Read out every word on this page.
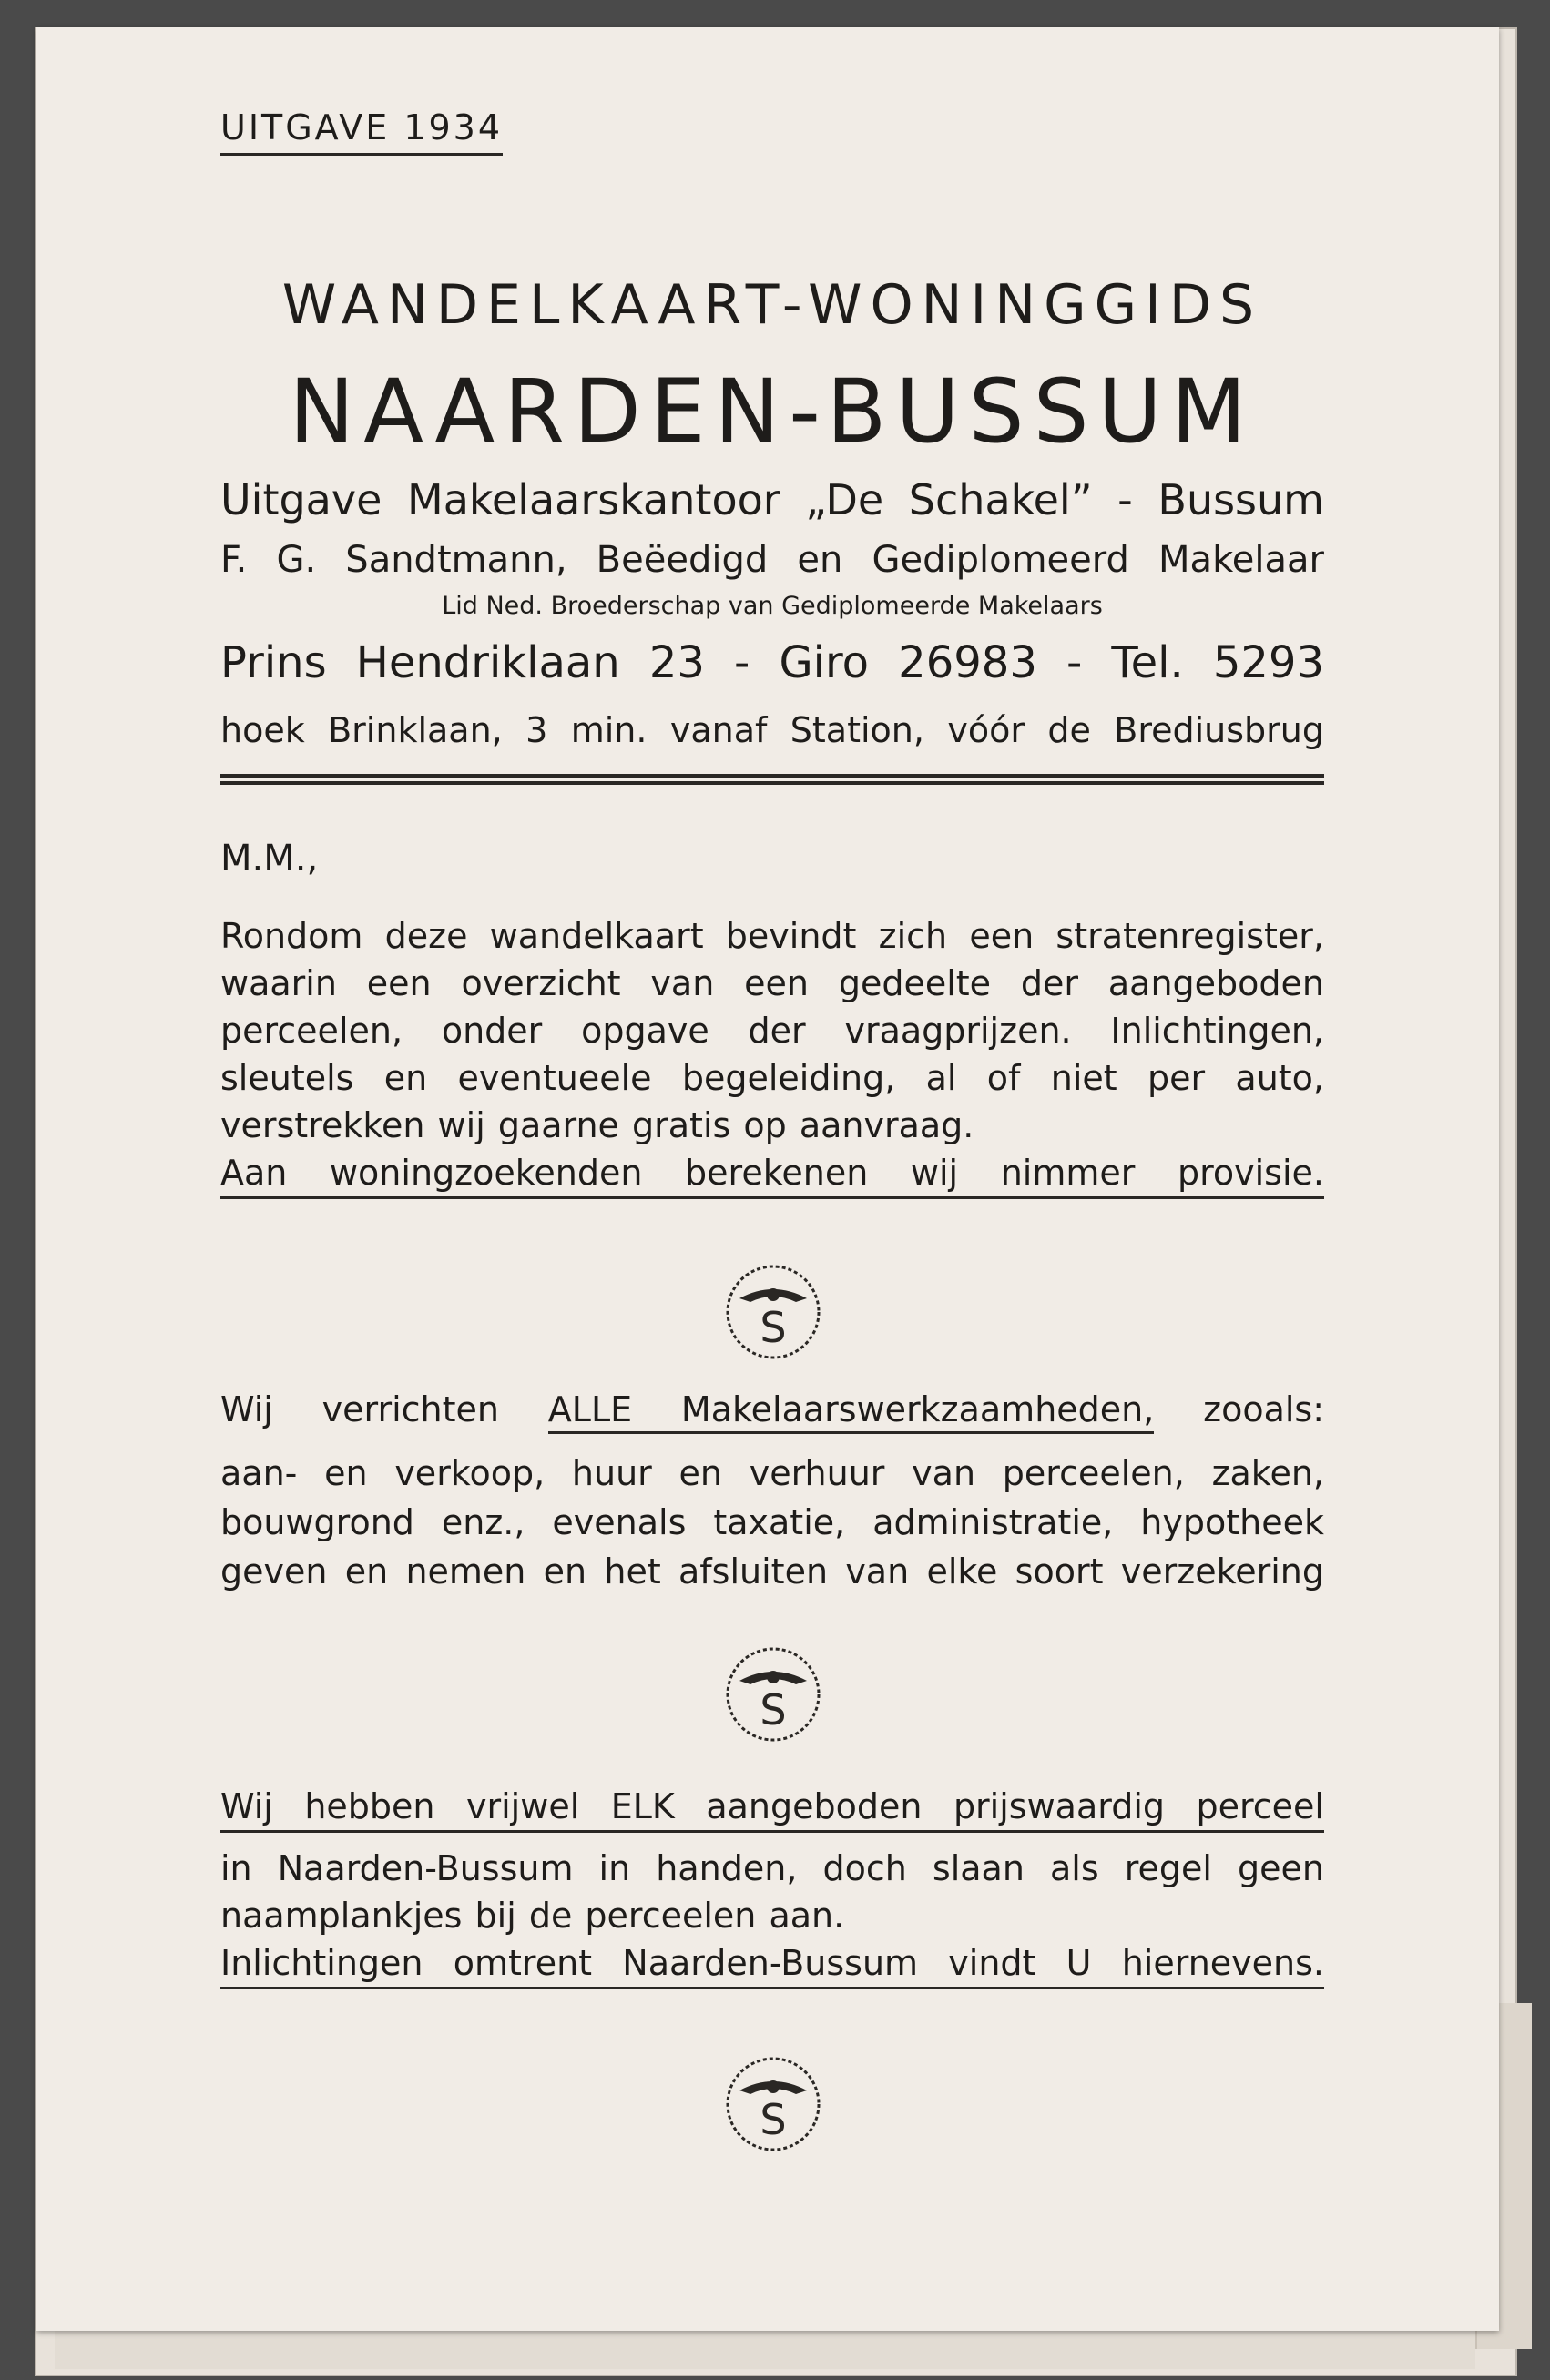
UITGAVE 1934
WANDELKAART-WONINGGIDS
NAARDEN-BUSSUM
Uitgave Makelaarskantoor „De Schakel” - Bussum
F. G. Sandtmann, Beëedigd en Gediplomeerd Makelaar
Lid Ned. Broederschap van Gediplomeerde Makelaars
Prins Hendriklaan 23 - Giro 26983 - Tel. 5293
hoek Brinklaan, 3 min. vanaf Station, vóór de Brediusbrug
M.M.,
Rondom deze wandelkaart bevindt zich een stratenregister,
waarin een overzicht van een gedeelte der aangeboden
perceelen, onder opgave der vraagprijzen. Inlichtingen,
sleutels en eventueele begeleiding, al of niet per auto,
verstrekken wij gaarne gratis op aanvraag.
Aan woningzoekenden berekenen wij nimmer provisie.
S
Wij verrichten ALLE Makelaarswerkzaamheden, zooals:
aan- en verkoop, huur en verhuur van perceelen, zaken,
bouwgrond enz., evenals taxatie, administratie, hypotheek
geven en nemen en het afsluiten van elke soort verzekering
S
Wij hebben vrijwel ELK aangeboden prijswaardig perceel
in Naarden-Bussum in handen, doch slaan als regel geen
naamplankjes bij de perceelen aan.
Inlichtingen omtrent Naarden-Bussum vindt U hiernevens.
S
